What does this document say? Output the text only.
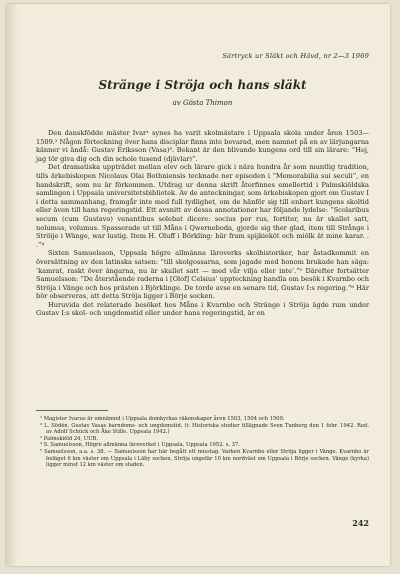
Särtryck ur Släkt och Hävd, nr 2—3 1969
Stränge i Ströja och hans släkt
av Gösta Thimon

Den danskfödde mäster Ivar¹ synes ha varit skolmästare i Uppsala skola under åren 1503—1509.² Någon förteckning över hans disciplar finns inte bevarad, men namnet på en av lärjungarna känner vi ändå: Gustav Eriksson (Vasa)³. Bekant är den blivande kungens ord till sin lärare: ”Hej, jag tör giva dig och din schole tusend (djävlar)”.

Det dramatiska uppträdet mellan elev och lärare gick i nära hundra år som muntlig tradition, tills ärkebiskopen Nicolaus Olai Bothniensis tecknade ner episoden i ”Memorabilia sui seculi”, en handskrift, som nu är förkommen. Utdrag ur denna skrift återfinnes emellertid i Palmskiöldska samlingen i Uppsala universitetsbibliotek. Av de anteckningar, som ärkebiskopen gjort om Gustav I i detta sammanhang, framgår inte med full tydlighet, om de hänför sig till enbart kungens skoltid eller även till hans regeringstid. Ett avsnitt av dessa annotationer har följande lydelse: ”Scolaribus secum (cum Gustavo) venantibus solebat dicere: socius per rus, fortiter, nu är skallet satt, nolumus, volumus. Spasserade ut till Måns i Qwerneboda, gjorde sig ther glad, item till Strånge i Ströije i Wänge, war lustig. Item H. Oluff i Börkling: bär fram spijkieköt och miölk ät mine karar. . .”⁴

Sixten Samuelsson, Uppsala högre allmänna läroverks skolhistoriker, har åstadkommit en översättning av den latinska satsen: ”till skolgossarna, som jagade med honom brukade han säga: ’kamrat, raskt över ängarna, nu är skallet satt — med vår vilja eller inte’.”⁵ Därefter fortsätter Samuelsson: ”De återstående raderna i [Olof] Celsius’ uppteckning handla om besök i Kvarnbo och Ströja i Vänge och hos prästen i Björklinge. De torde avse en senare tid, Gustav I:s regering.”⁶ Här bör observeras, att detta Ströja ligger i Börje socken.

Huruvida det relaterade besöket hos Måns i Kvarnbo och Stränge i Ströja ägde rum under Gustav I:s skol- och ungdomstid eller under hans regeringstid, är en

¹ Magister Ivarus är omnämnd i Uppsala domkyrkas räkenskaper åren 1503, 1504 och 1509.
² L. Södén, Gustav Vasas barndoms- och ungdomstid. (i: Historiska studier tillägnade Sven Tunberg den 1 febr. 1942. Red. av Adolf Schück och Åke Stille. Uppsala 1942.)
³ Palmskiöld 24, UUB.
⁴ S. Samuelsson, Högre allmänna läroverket i Uppsala, Uppsala 1952. s. 37.
⁵ Samuelsson, a.a. s. 38. — Samuelsson har här begått ett misstag. Varken Kvarnbo eller Ströja ligger i Vänge. Kvarnbo är beläget 6 km väster om Uppsala i Läby socken, Ströja ungefär 10 km nordväst om Uppsala i Börje socken. Vänge (kyrka) ligger minst 12 km väster om staden.
242
